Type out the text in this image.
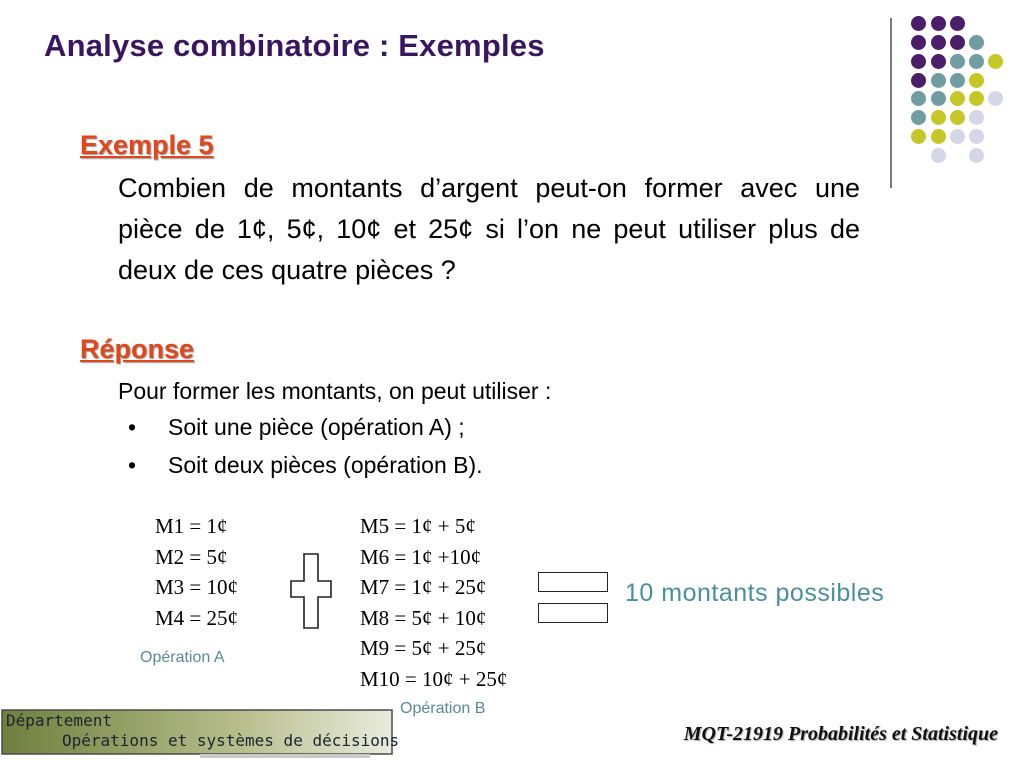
Analyse combinatoire : Exemples
Exemple 5
Combien de montants d’argent peut-on former avec une pièce de 1¢, 5¢, 10¢ et 25¢ si l’on ne peut utiliser plus de deux de ces quatre pièces ?
Réponse
Pour former les montants, on peut utiliser :
•	Soit une pièce (opération A) ;
•	Soit deux pièces (opération B).
M1 = 1¢
M2 = 5¢
M3 = 10¢
M4 = 25¢
Opération A
M5 = 1¢ + 5¢
M6 = 1¢ +10¢
M7 = 1¢ + 25¢
M8 = 5¢ + 10¢
M9 = 5¢ + 25¢
M10 = 10¢ + 25¢
Opération B
10 montants possibles
Département
Opérations et systèmes de décisions	MQT-21919 Probabilités et Statistique
